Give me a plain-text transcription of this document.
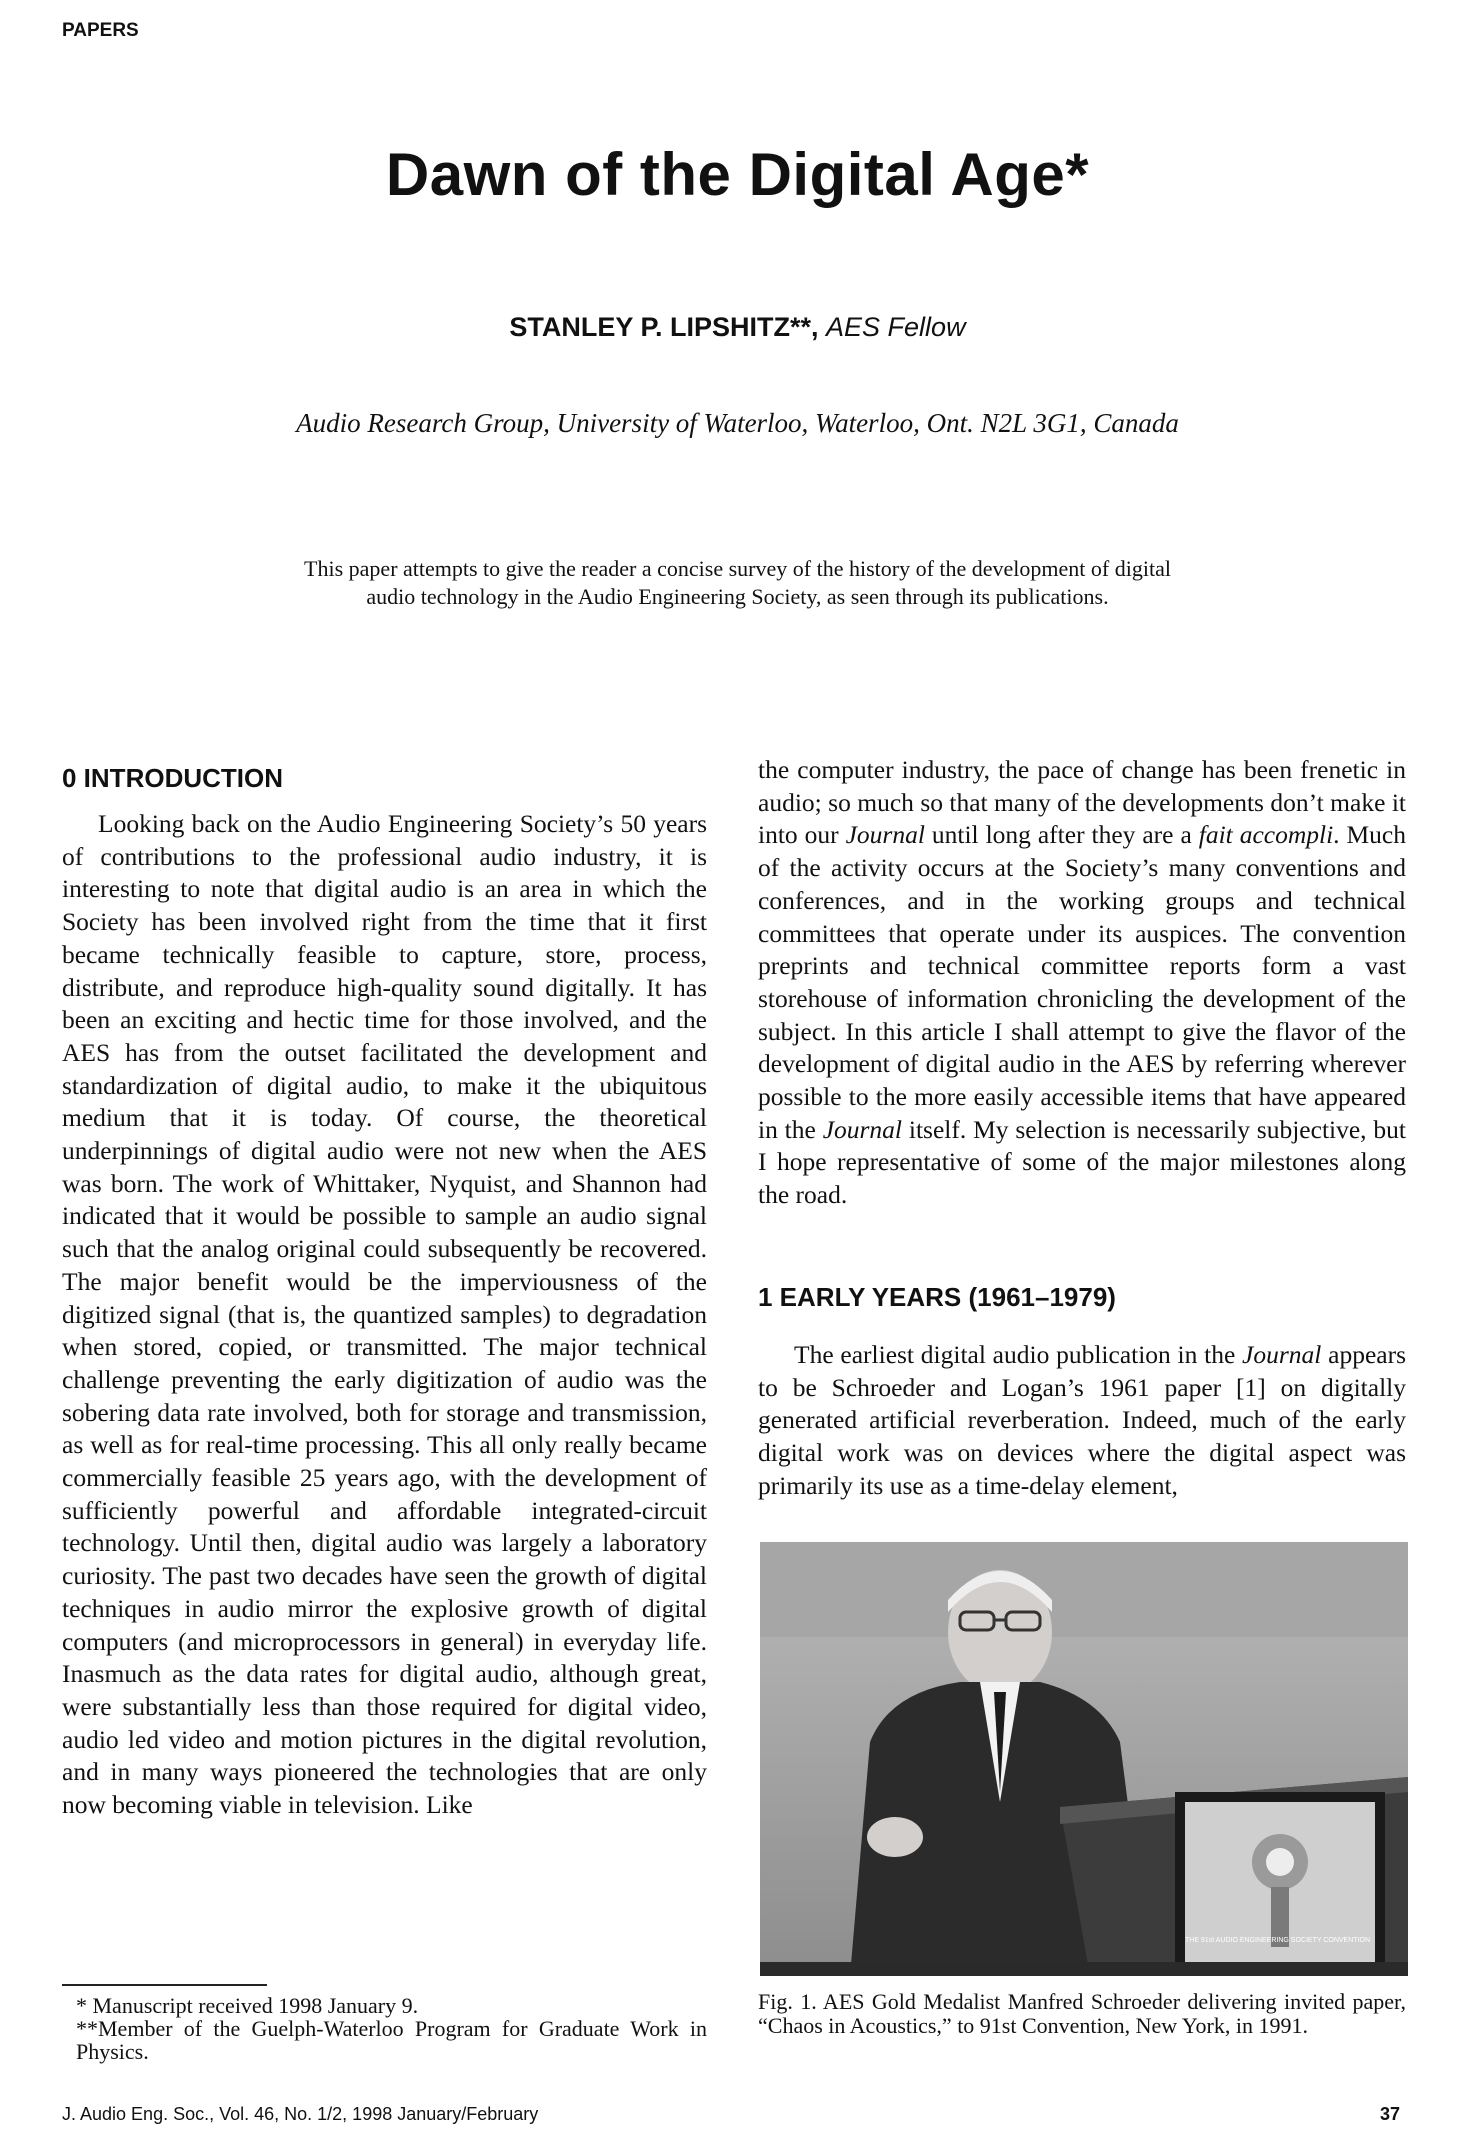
PAPERS
Dawn of the Digital Age*
STANLEY P. LIPSHITZ**, AES Fellow
Audio Research Group, University of Waterloo, Waterloo, Ont. N2L 3G1, Canada
This paper attempts to give the reader a concise survey of the history of the development of digital audio technology in the Audio Engineering Society, as seen through its publications.
0 INTRODUCTION

Looking back on the Audio Engineering Society’s 50 years of contributions to the professional audio industry, it is interesting to note that digital audio is an area in which the Society has been involved right from the time that it first became technically feasible to capture, store, process, distribute, and reproduce high-quality sound digitally. It has been an exciting and hectic time for those involved, and the AES has from the outset facilitated the development and standardization of digital audio, to make it the ubiquitous medium that it is today. Of course, the theoretical underpinnings of digital audio were not new when the AES was born. The work of Whittaker, Nyquist, and Shannon had indicated that it would be possible to sample an audio signal such that the analog original could subsequently be recovered. The major benefit would be the imperviousness of the digitized signal (that is, the quantized samples) to degradation when stored, copied, or transmitted. The major technical challenge preventing the early digitization of audio was the sobering data rate involved, both for storage and transmission, as well as for real-time processing. This all only really became commercially feasible 25 years ago, with the development of sufficiently powerful and affordable integrated-circuit technology. Until then, digital audio was largely a laboratory curiosity. The past two decades have seen the growth of digital techniques in audio mirror the explosive growth of digital computers (and microprocessors in general) in everyday life. Inasmuch as the data rates for digital audio, although great, were substantially less than those required for digital video, audio led video and motion pictures in the digital revolution, and in many ways pioneered the technologies that are only now becoming viable in television. Like

the computer industry, the pace of change has been frenetic in audio; so much so that many of the developments don’t make it into our Journal until long after they are a fait accompli. Much of the activity occurs at the Society’s many conventions and conferences, and in the working groups and technical committees that operate under its auspices. The convention preprints and technical committee reports form a vast storehouse of information chronicling the development of the subject. In this article I shall attempt to give the flavor of the development of digital audio in the AES by referring wherever possible to the more easily accessible items that have appeared in the Journal itself. My selection is necessarily subjective, but I hope representative of some of the major milestones along the road.

1 EARLY YEARS (1961–1979)

The earliest digital audio publication in the Journal appears to be Schroeder and Logan’s 1961 paper [1] on digitally generated artificial reverberation. Indeed, much of the early digital work was on devices where the digital aspect was primarily its use as a time-delay element,

THE 91st AUDIO ENGINEERING SOCIETY CONVENTION
Fig. 1. AES Gold Medalist Manfred Schroeder delivering invited paper, “Chaos in Acoustics,” to 91st Convention, New York, in 1991.

* Manuscript received 1998 January 9.

**Member of the Guelph-Waterloo Program for Graduate Work in Physics.

J. Audio Eng. Soc., Vol. 46, No. 1/2, 1998 January/February	37
